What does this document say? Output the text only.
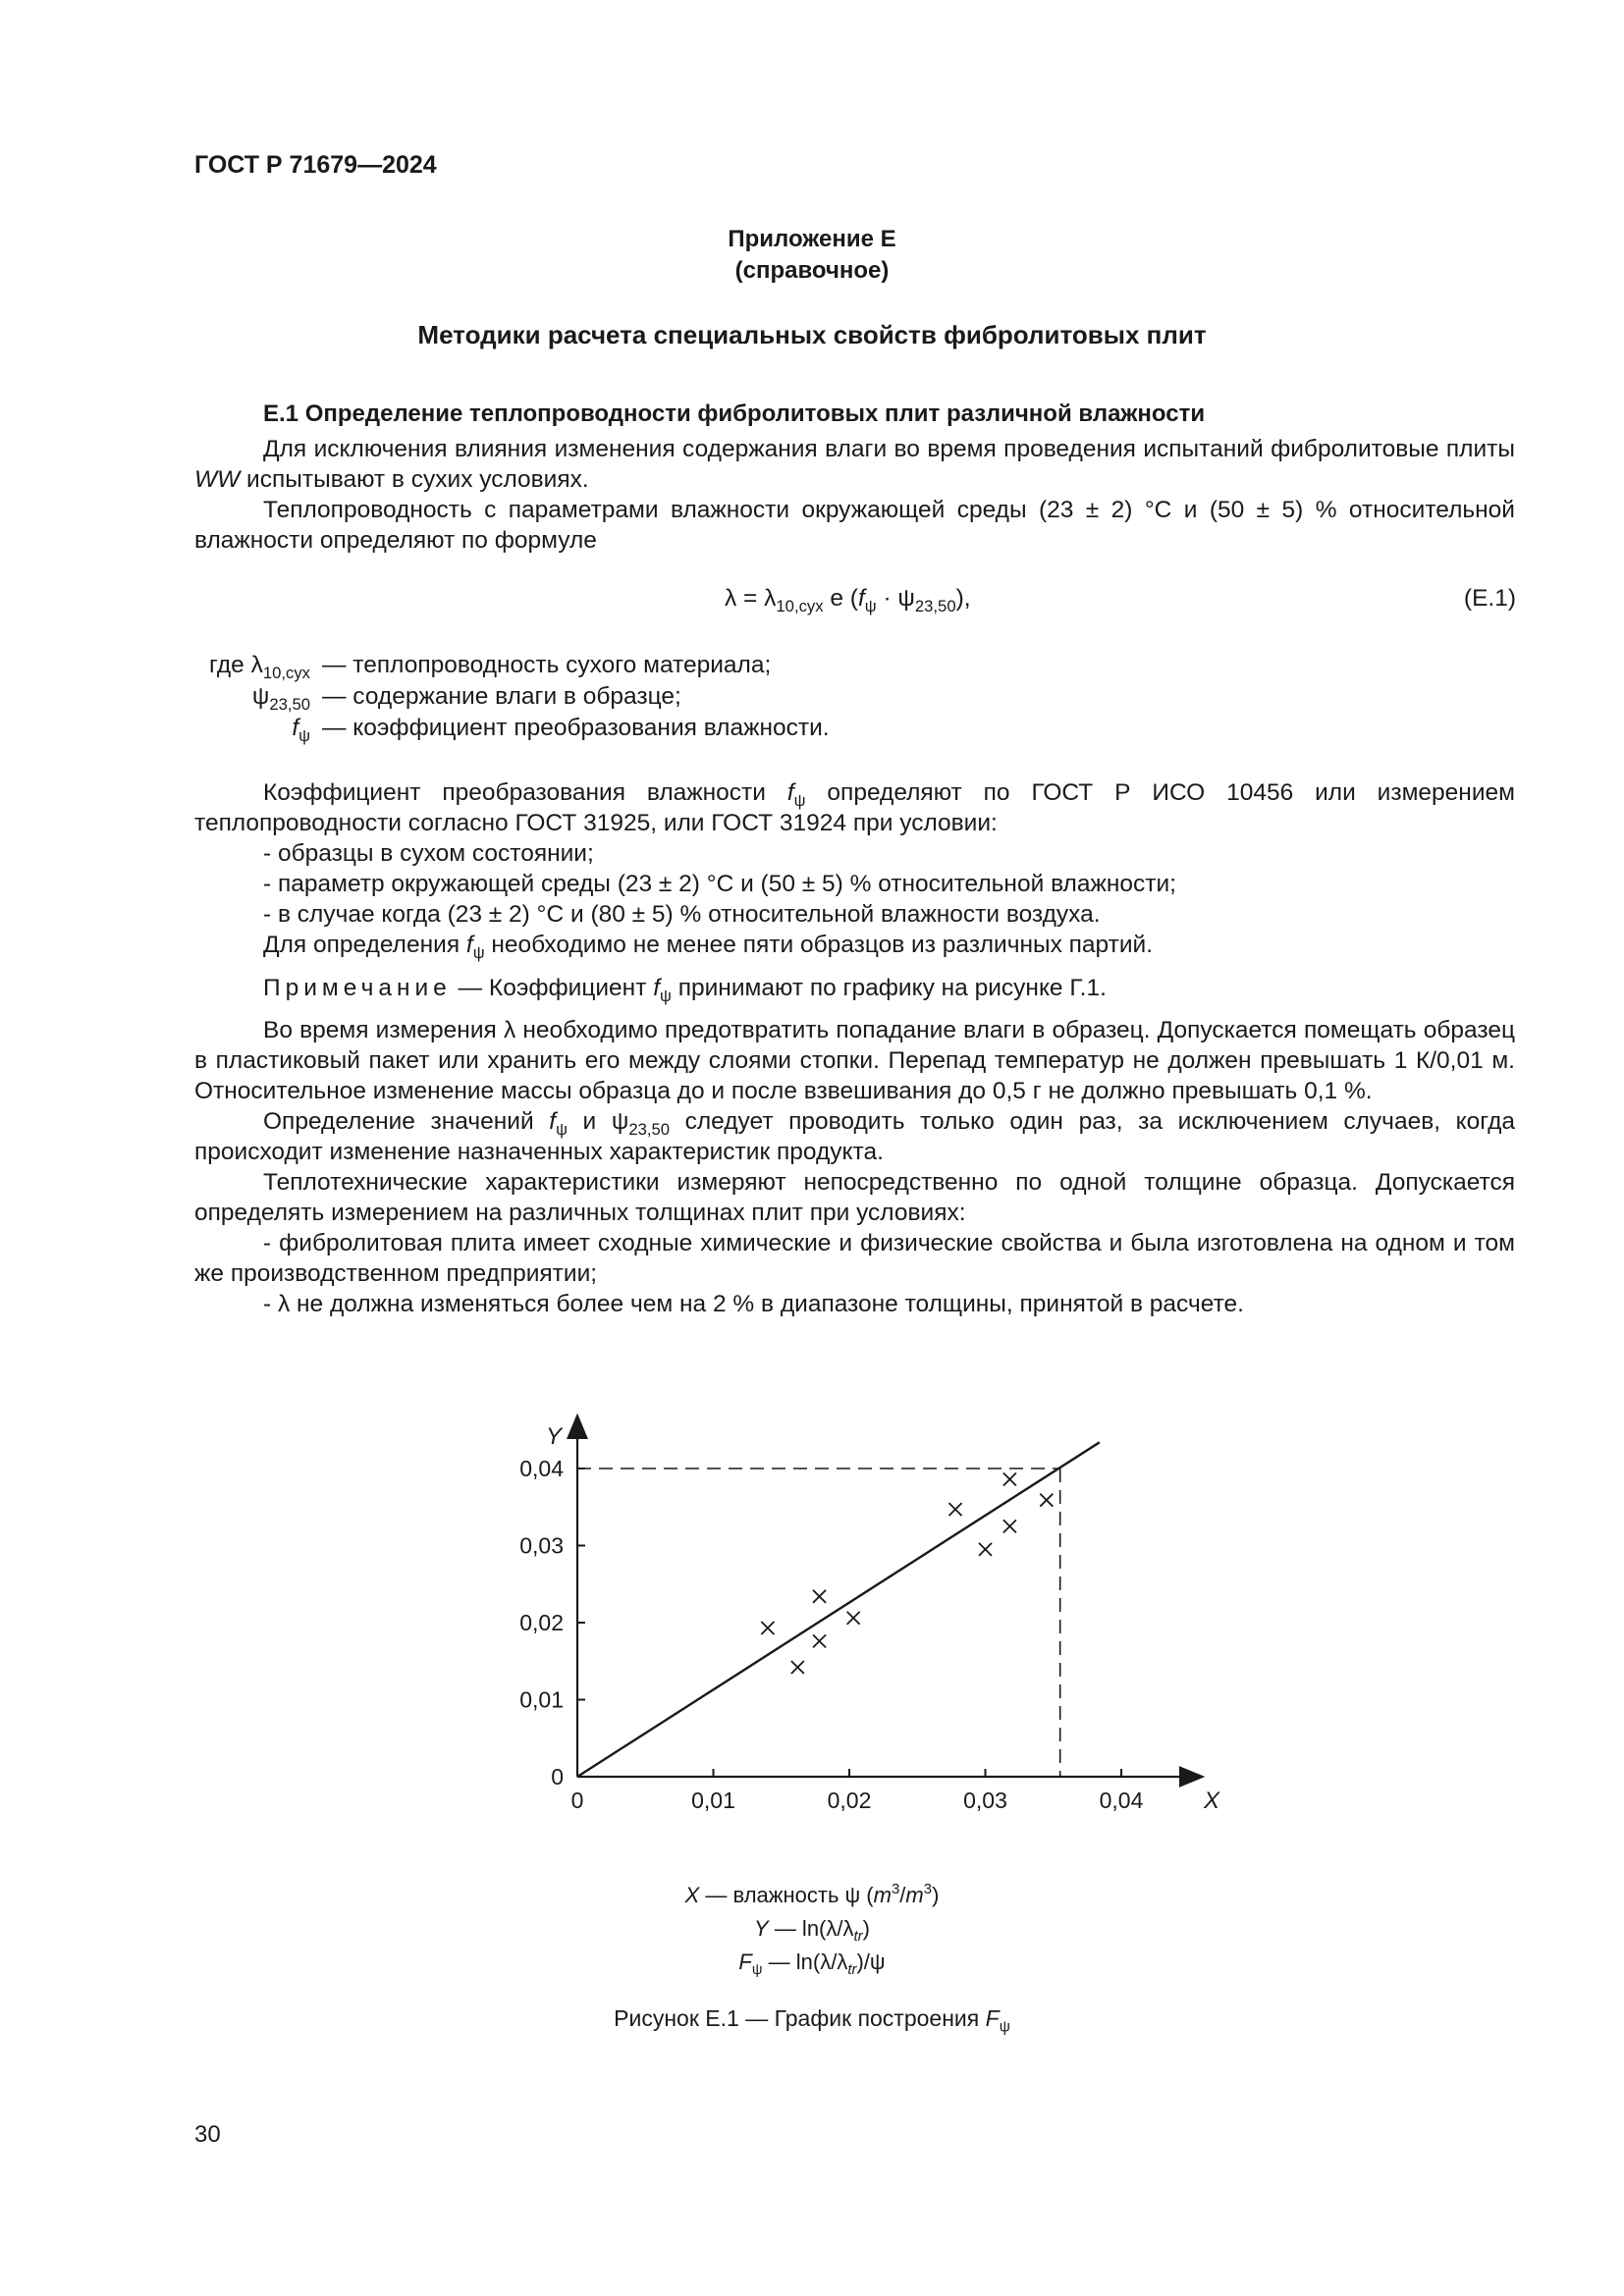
ГОСТ Р 71679—2024
Приложение Е
(справочное)
Методики расчета специальных свойств фибролитовых плит
Е.1 Определение теплопроводности фибролитовых плит различной влажности
Для исключения влияния изменения содержания влаги во время проведения испытаний фибролитовые плиты WW испытывают в сухих условиях.
Теплопроводность с параметрами влажности окружающей среды (23 ± 2) °С и (50 ± 5) % относительной влажности определяют по формуле
$\lambda = \lambda_{10,сух}$ е $(f_\psi \cdot \psi_{23,50})$,	(Е.1)
где $\lambda_{10,сух}$ — теплопроводность сухого материала;
$\psi_{23,50}$ — содержание влаги в образце;
$f_\psi$ — коэффициент преобразования влажности.
Коэффициент преобразования влажности $f_\psi$ определяют по ГОСТ Р ИСО 10456 или измерением теплопроводности согласно ГОСТ 31925, или ГОСТ 31924 при условии:
- образцы в сухом состоянии;
- параметр окружающей среды (23 ± 2) °С и (50 ± 5) % относительной влажности;
- в случае когда (23 ± 2) °С и (80 ± 5) % относительной влажности воздуха.
Для определения $f_\psi$ необходимо не менее пяти образцов из различных партий.
Примечание — Коэффициент $f_\psi$ принимают по графику на рисунке Г.1.
Во время измерения λ необходимо предотвратить попадание влаги в образец. Допускается помещать образец в пластиковый пакет или хранить его между слоями стопки. Перепад температур не должен превышать 1 К/0,01 м. Относительное изменение массы образца до и после взвешивания до 0,5 г не должно превышать 0,1 %.
Определение значений $f_\psi$ и $\psi_{23,50}$ следует проводить только один раз, за исключением случаев, когда происходит изменение назначенных характеристик продукта.
Теплотехнические характеристики измеряют непосредственно по одной толщине образца. Допускается определять измерением на различных толщинах плит при условиях:
- фибролитовая плита имеет сходные химические и физические свойства и была изготовлена на одном и том же производственном предприятии;
- λ не должна изменяться более чем на 2 % в диапазоне толщины, принятой в расчете.
0	0,01	0,02	0,03	0,04
0,01
0,02
0,03
0,04
0
X
Y
X — влажность ψ $(m^3/m^3)$
Y — $\ln(\lambda/\lambda_{tr})$
$F_\psi$ — $\ln(\lambda/\lambda_{tr})/\psi$
Рисунок Е.1 — График построения $F_\psi$
30
